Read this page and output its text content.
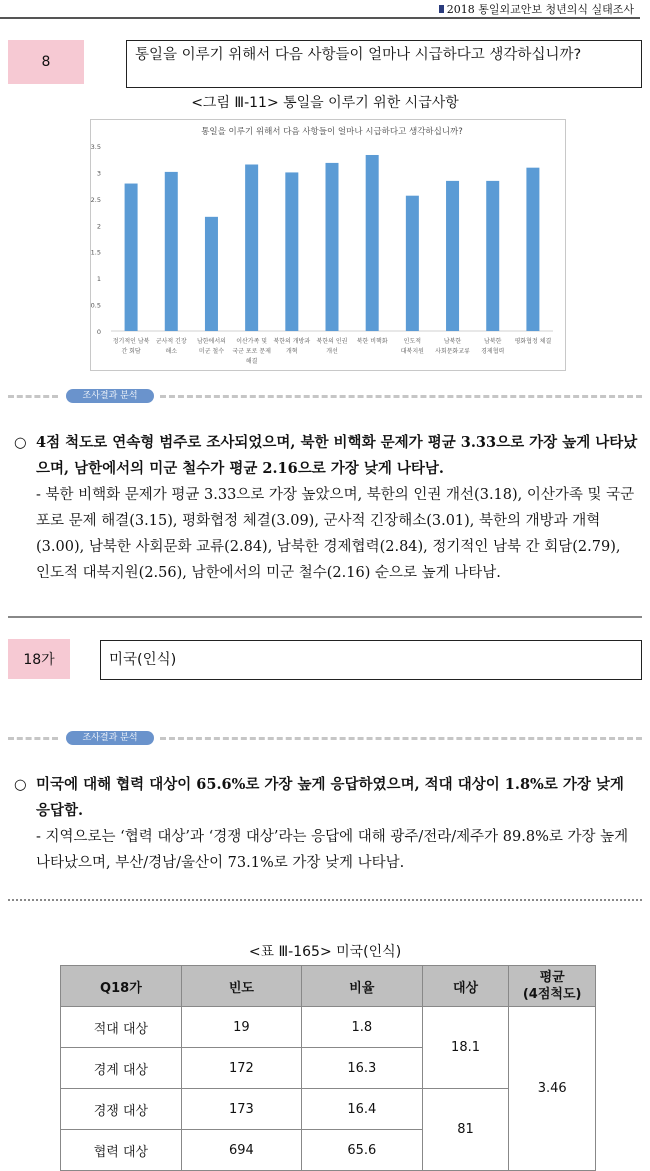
2018 통일외교안보 청년의식 실태조사
8	통일을 이루기 위해서 다음 사항들이 얼마나 시급하다고 생각하십니까?
<그림 Ⅲ-11> 통일을 이루기 위한 시급사항
통일을 이루기 위해서 다음 사항들이 얼마나 시급하다고 생각하십니까?
3.5
3
2.5
2
1.5
1
0.5
0
정기적인 남북
간 회담
군사적 긴장
해소
남한에서의
미군 철수
이산가족 및
국군 포로 문제
해결
북한의 개방과
개혁
북한의 인권
개선
북한 비핵화	인도적
대북지원
남북한
사회문화교류
남북한
경제협력
평화협정 체결
조사결과 분석
○ 4점 척도로 연속형 범주로 조사되었으며, 북한 비핵화 문제가 평균 3.33으로 가장 높게 나타났으며, 남한에서의 미군 철수가 평균 2.16으로 가장 낮게 나타남.
- 북한 비핵화 문제가 평균 3.33으로 가장 높았으며, 북한의 인권 개선(3.18), 이산가족 및 국군 포로 문제 해결(3.15), 평화협정 체결(3.09), 군사적 긴장해소(3.01), 북한의 개방과 개혁(3.00), 남북한 사회문화 교류(2.84), 남북한 경제협력(2.84), 정기적인 남북 간 회담(2.79), 인도적 대북지원(2.56), 남한에서의 미군 철수(2.16) 순으로 높게 나타남.
18가	미국(인식)
조사결과 분석
○ 미국에 대해 협력 대상이 65.6%로 가장 높게 응답하였으며, 적대 대상이 1.8%로 가장 낮게 응답함.
- 지역으로는 ‘협력 대상’과 ‘경쟁 대상’라는 응답에 대해 광주/전라/제주가 89.8%로 가장 높게 나타났으며, 부산/경남/울산이 73.1%로 가장 낮게 나타남.
<표 Ⅲ-165> 미국(인식)
Q18가	빈도	비율	대상	평균
(4점척도)
적대 대상	19	1.8	18.1	3.46
경계 대상	172	16.3		
경쟁 대상	173	16.4	81	
협력 대상	694	65.6		
